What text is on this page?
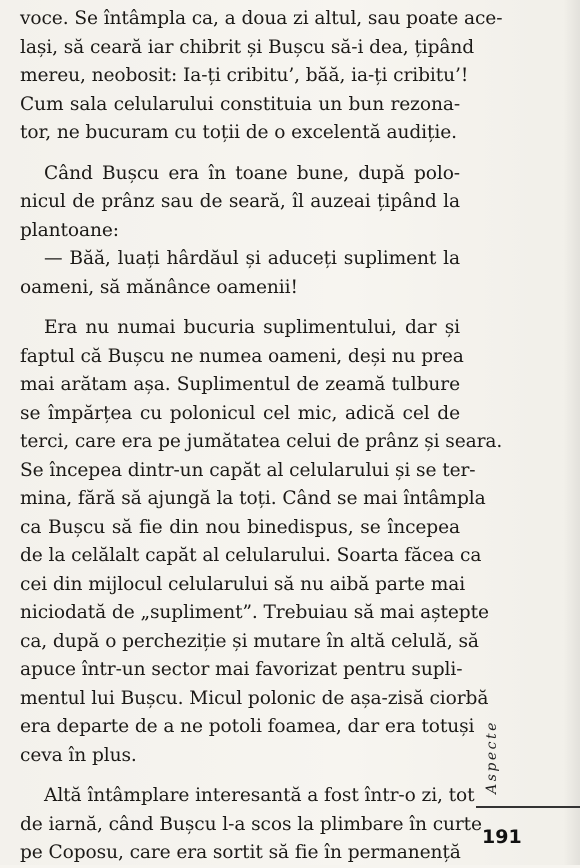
voce. Se întâmpla ca, a doua zi altul, sau poate ace-
lași, să ceară iar chibrit și Bușcu să-i dea, țipând
mereu, neobosit: Ia-ți cribitu’, băă, ia-ți cribitu’!
Cum sala celularului constituia un bun rezona-
tor, ne bucuram cu toții de o excelentă audiție.
Când Bușcu era în toane bune, după polo-
nicul de prânz sau de seară, îl auzeai țipând la
plantoane:
— Băă, luați hârdăul și aduceți supliment la
oameni, să mănânce oamenii!
Era nu numai bucuria suplimentului, dar și
faptul că Bușcu ne numea oameni, deși nu prea
mai arătam așa. Suplimentul de zeamă tulbure
se împărțea cu polonicul cel mic, adică cel de
terci, care era pe jumătatea celui de prânz și seara.
Se începea dintr-un capăt al celularului și se ter-
mina, fără să ajungă la toți. Când se mai întâmpla
ca Bușcu să fie din nou binedispus, se începea
de la celălalt capăt al celularului. Soarta făcea ca
cei din mijlocul celularului să nu aibă parte mai
niciodată de „supliment”. Trebuiau să mai aștepte
ca, după o percheziție și mutare în altă celulă, să
apuce într-un sector mai favorizat pentru supli-
mentul lui Bușcu. Micul polonic de așa-zisă ciorbă
era departe de a ne potoli foamea, dar era totuși
ceva în plus.
Altă întâmplare interesantă a fost într-o zi, tot
de iarnă, când Bușcu l-a scos la plimbare în curte
pe Coposu, care era sortit să fie în permanență
Aspecte
191
